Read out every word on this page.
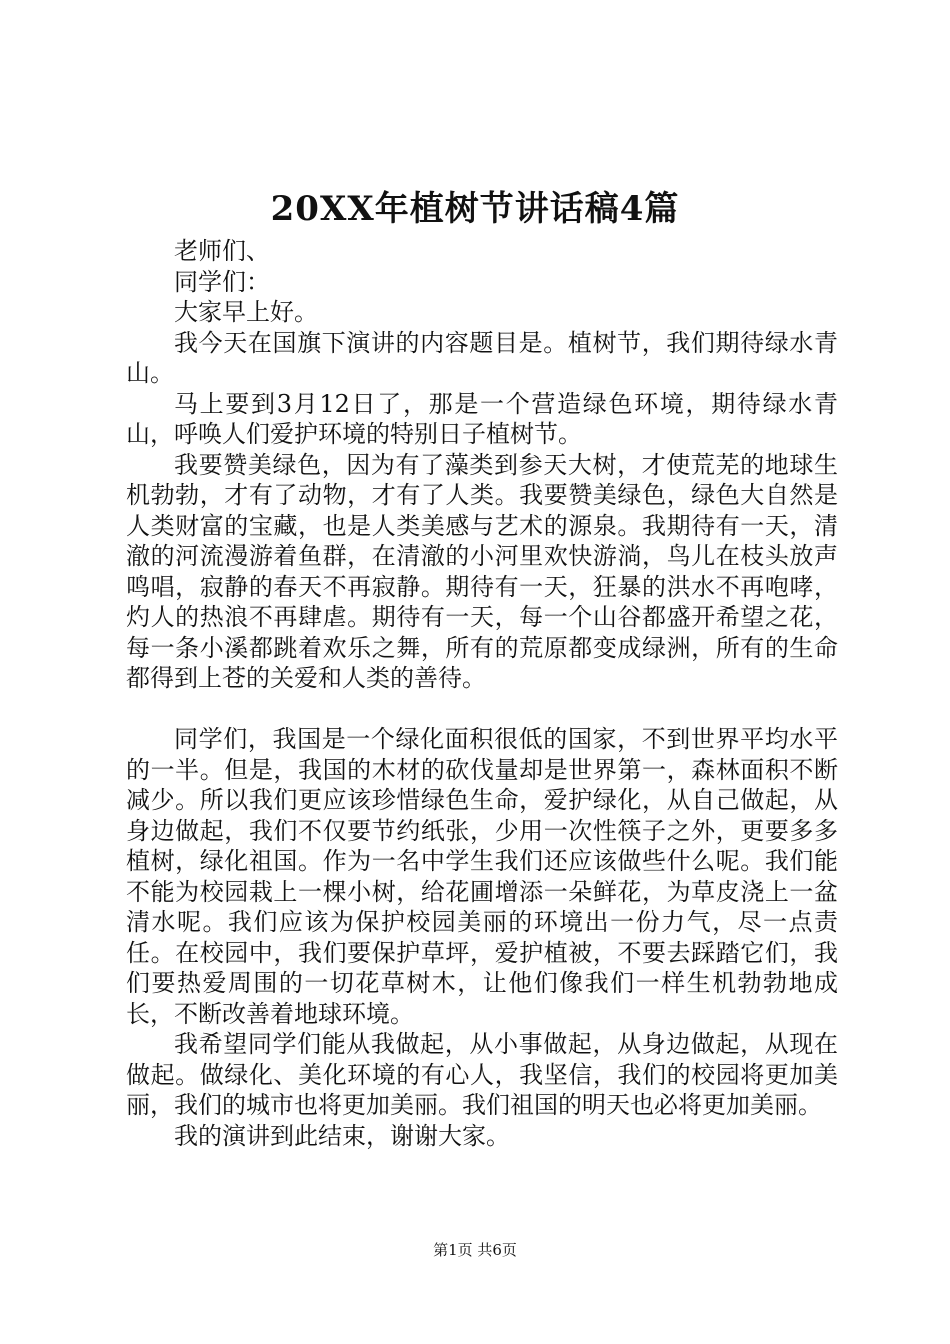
20XX年植树节讲话稿4篇

老师们、

同学们：

大家早上好。

我今天在国旗下演讲的内容题目是。植树节，我们期待绿水青山。

马上要到3月12日了，那是一个营造绿色环境，期待绿水青山，呼唤人们爱护环境的特别日子植树节。

我要赞美绿色，因为有了藻类到参天大树，才使荒芜的地球生机勃勃，才有了动物，才有了人类。我要赞美绿色，绿色大自然是人类财富的宝藏，也是人类美感与艺术的源泉。我期待有一天，清澈的河流漫游着鱼群，在清澈的小河里欢快游淌，鸟儿在枝头放声鸣唱，寂静的春天不再寂静。期待有一天，狂暴的洪水不再咆哮，灼人的热浪不再肆虐。期待有一天，每一个山谷都盛开希望之花，每一条小溪都跳着欢乐之舞，所有的荒原都变成绿洲，所有的生命都得到上苍的关爱和人类的善待。

同学们，我国是一个绿化面积很低的国家，不到世界平均水平的一半。但是，我国的木材的砍伐量却是世界第一，森林面积不断减少。所以我们更应该珍惜绿色生命，爱护绿化，从自己做起，从身边做起，我们不仅要节约纸张，少用一次性筷子之外，更要多多植树，绿化祖国。作为一名中学生我们还应该做些什么呢。我们能不能为校园栽上一棵小树，给花圃增添一朵鲜花，为草皮浇上一盆清水呢。我们应该为保护校园美丽的环境出一份力气，尽一点责任。在校园中，我们要保护草坪，爱护植被，不要去踩踏它们，我们要热爱周围的一切花草树木，让他们像我们一样生机勃勃地成长，不断改善着地球环境。

我希望同学们能从我做起，从小事做起，从身边做起，从现在做起。做绿化、美化环境的有心人，我坚信，我们的校园将更加美丽，我们的城市也将更加美丽。我们祖国的明天也必将更加美丽。

我的演讲到此结束，谢谢大家。

第1页 共6页
